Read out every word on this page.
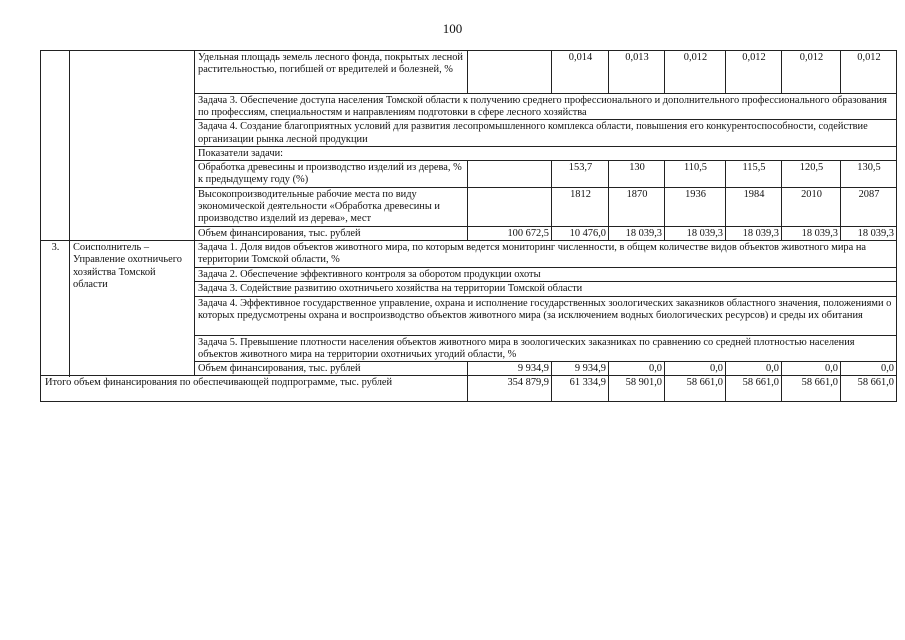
100
		Удельная площадь земель лесного фонда, покрытых лесной растительностью, погибшей от вредителей и болезней, %		0,014	0,013	0,012	0,012	0,012	0,012
		Задача 3. Обеспечение доступа населения Томской области к получению среднего профессионального и дополнительного профессионального образования по профессиям, специальностям и направлениям подготовки в сфере лесного хозяйства							
		Задача 4. Создание благоприятных условий для развития лесопромышленного комплекса области, повышения его конкурентоспособности, содействие организации рынка лесной продукции							
		Показатели задачи:							
		Обработка древесины и производство изделий из дерева, % к предыдущему году (%)		153,7	130	110,5	115,5	120,5	130,5
		Высокопроизводительные рабочие места по виду экономической деятельности «Обработка древесины и производство изделий из дерева», мест		1812	1870	1936	1984	2010	2087
		Объем финансирования, тыс. рублей	100 672,5	10 476,0	18 039,3	18 039,3	18 039,3	18 039,3	18 039,3
3.	Соисполнитель – Управление охотничьего хозяйства Томской области	Задача 1. Доля видов объектов животного мира, по которым ведется мониторинг численности, в общем количестве видов объектов животного мира на территории Томской области, %							
		Задача 2. Обеспечение эффективного контроля за оборотом продукции охоты							
		Задача 3. Содействие развитию охотничьего хозяйства на территории Томской области							
		Задача 4. Эффективное государственное управление, охрана и исполнение государственных зоологических заказников областного значения, положениями о которых предусмотрены охрана и воспроизводство объектов животного мира (за исключением водных биологических ресурсов) и среды их обитания							
		Задача 5. Превышение плотности населения объектов животного мира в зоологических заказниках по сравнению со средней плотностью населения объектов животного мира на территории охотничьих угодий области, %							
		Объем финансирования, тыс. рублей	9 934,9	9 934,9	0,0	0,0	0,0	0,0	0,0

Итого объем финансирования по обеспечивающей подпрограмме, тыс. рублей			354 879,9	61 334,9	58 901,0	58 661,0	58 661,0	58 661,0	58 661,0
